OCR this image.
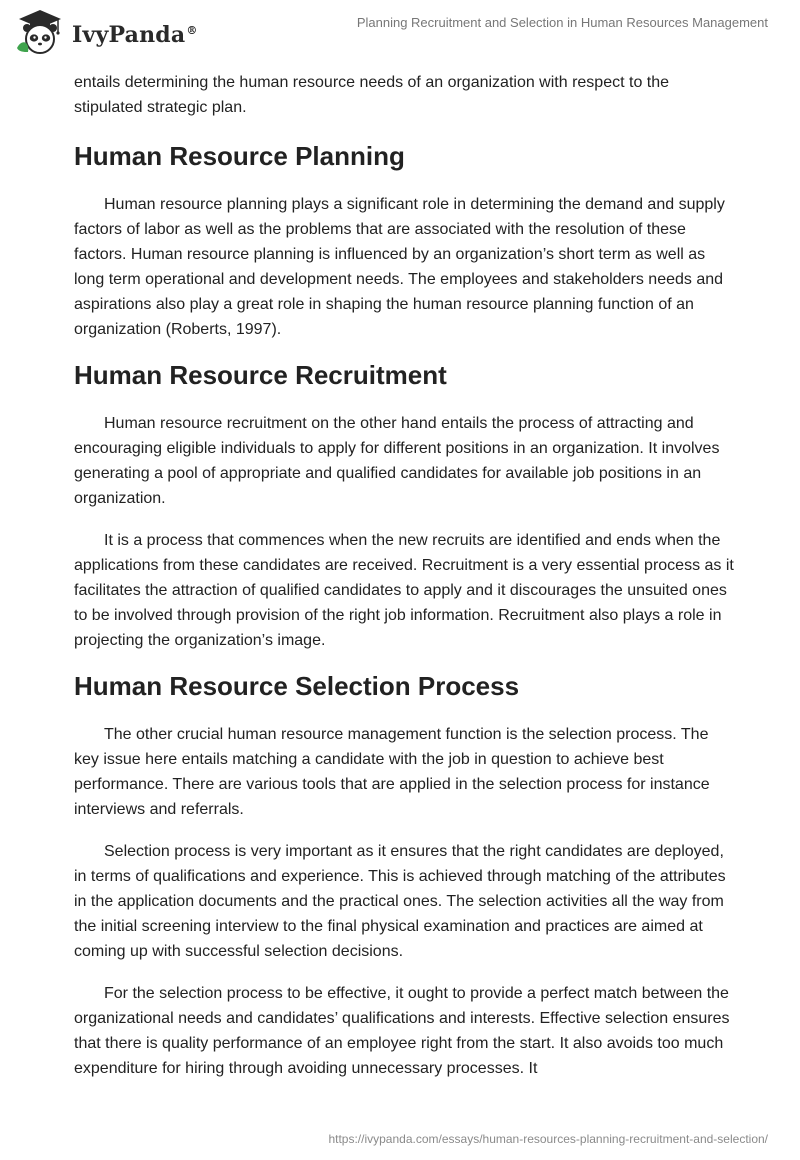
IvyPanda®
Planning Recruitment and Selection in Human Resources Management

entails determining the human resource needs of an organization with respect to the stipulated strategic plan.

Human Resource Planning

Human resource planning plays a significant role in determining the demand and supply factors of labor as well as the problems that are associated with the resolution of these factors. Human resource planning is influenced by an organization’s short term as well as long term operational and development needs. The employees and stakeholders needs and aspirations also play a great role in shaping the human resource planning function of an organization (Roberts, 1997).

Human Resource Recruitment

Human resource recruitment on the other hand entails the process of attracting and encouraging eligible individuals to apply for different positions in an organization. It involves generating a pool of appropriate and qualified candidates for available job positions in an organization.

It is a process that commences when the new recruits are identified and ends when the applications from these candidates are received. Recruitment is a very essential process as it facilitates the attraction of qualified candidates to apply and it discourages the unsuited ones to be involved through provision of the right job information. Recruitment also plays a role in projecting the organization’s image.

Human Resource Selection Process

The other crucial human resource management function is the selection process. The key issue here entails matching a candidate with the job in question to achieve best performance. There are various tools that are applied in the selection process for instance interviews and referrals.

Selection process is very important as it ensures that the right candidates are deployed, in terms of qualifications and experience. This is achieved through matching of the attributes in the application documents and the practical ones. The selection activities all the way from the initial screening interview to the final physical examination and practices are aimed at coming up with successful selection decisions.

For the selection process to be effective, it ought to provide a perfect match between the organizational needs and candidates’ qualifications and interests. Effective selection ensures that there is quality performance of an employee right from the start. It also avoids too much expenditure for hiring through avoiding unnecessary processes. It

https://ivypanda.com/essays/human-resources-planning-recruitment-and-selection/
